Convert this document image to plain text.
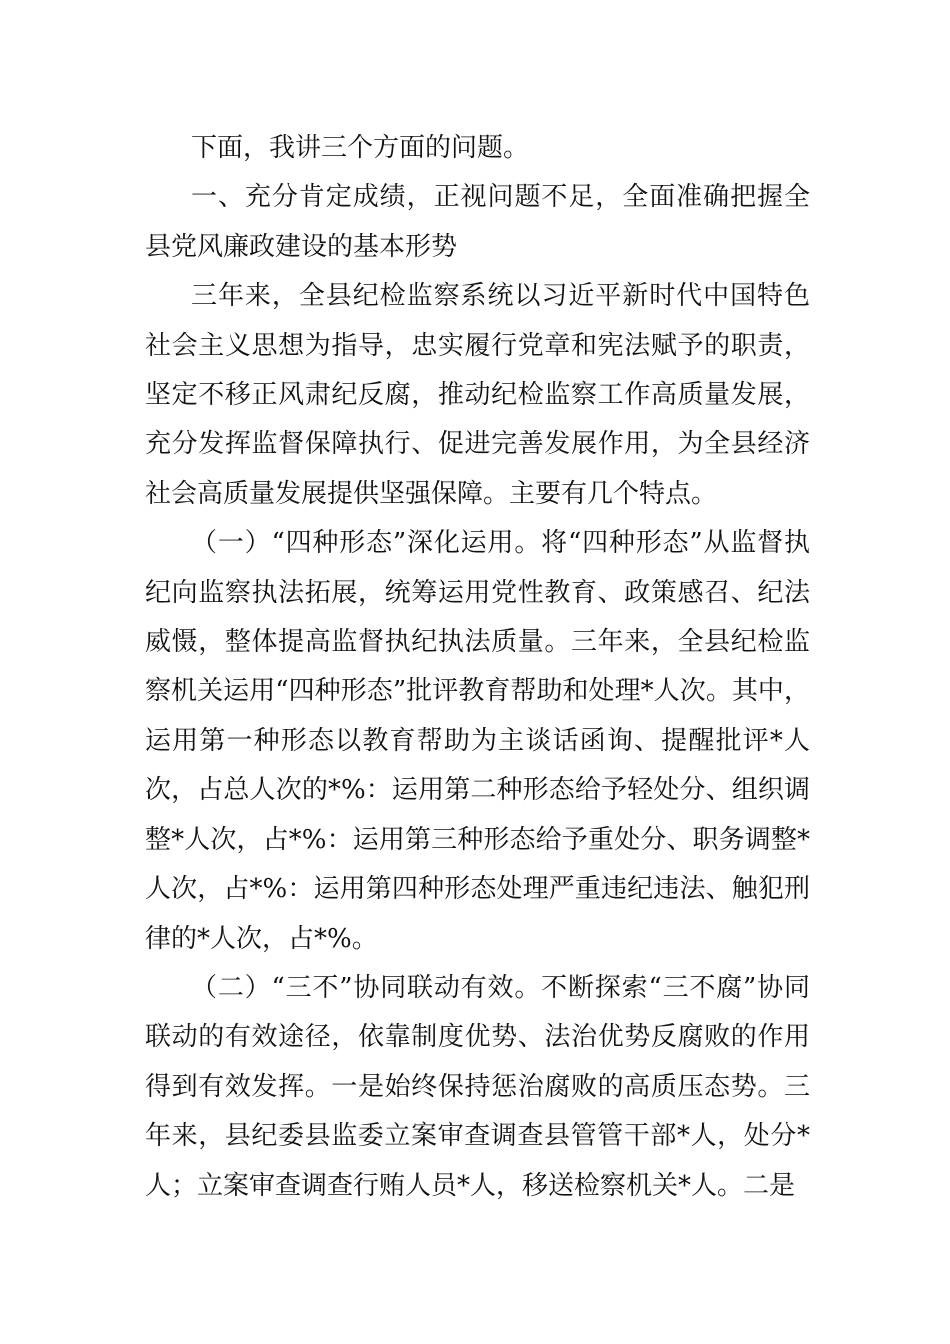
下面，我讲三个方面的问题。

一、充分肯定成绩，正视问题不足，全面准确把握全县党风廉政建设的基本形势

三年来，全县纪检监察系统以习近平新时代中国特色社会主义思想为指导，忠实履行党章和宪法赋予的职责，坚定不移正风肃纪反腐，推动纪检监察工作高质量发展，充分发挥监督保障执行、促进完善发展作用，为全县经济社会高质量发展提供坚强保障。主要有几个特点。

（一）“四种形态”深化运用。将“四种形态”从监督执纪向监察执法拓展，统筹运用党性教育、政策感召、纪法威慑，整体提高监督执纪执法质量。三年来，全县纪检监察机关运用“四种形态”批评教育帮助和处理*人次。其中，运用第一种形态以教育帮助为主谈话函询、提醒批评*人次，占总人次的*%：运用第二种形态给予轻处分、组织调整*人次，占*%：运用第三种形态给予重处分、职务调整*人次，占*%：运用第四种形态处理严重违纪违法、触犯刑律的*人次，占*%。

（二）“三不”协同联动有效。不断探索“三不腐”协同联动的有效途径，依靠制度优势、法治优势反腐败的作用得到有效发挥。一是始终保持惩治腐败的高质压态势。三年来，县纪委县监委立案审查调查县管管干部*人，处分*人；立案审查调查行贿人员*人，移送检察机关*人。二是
